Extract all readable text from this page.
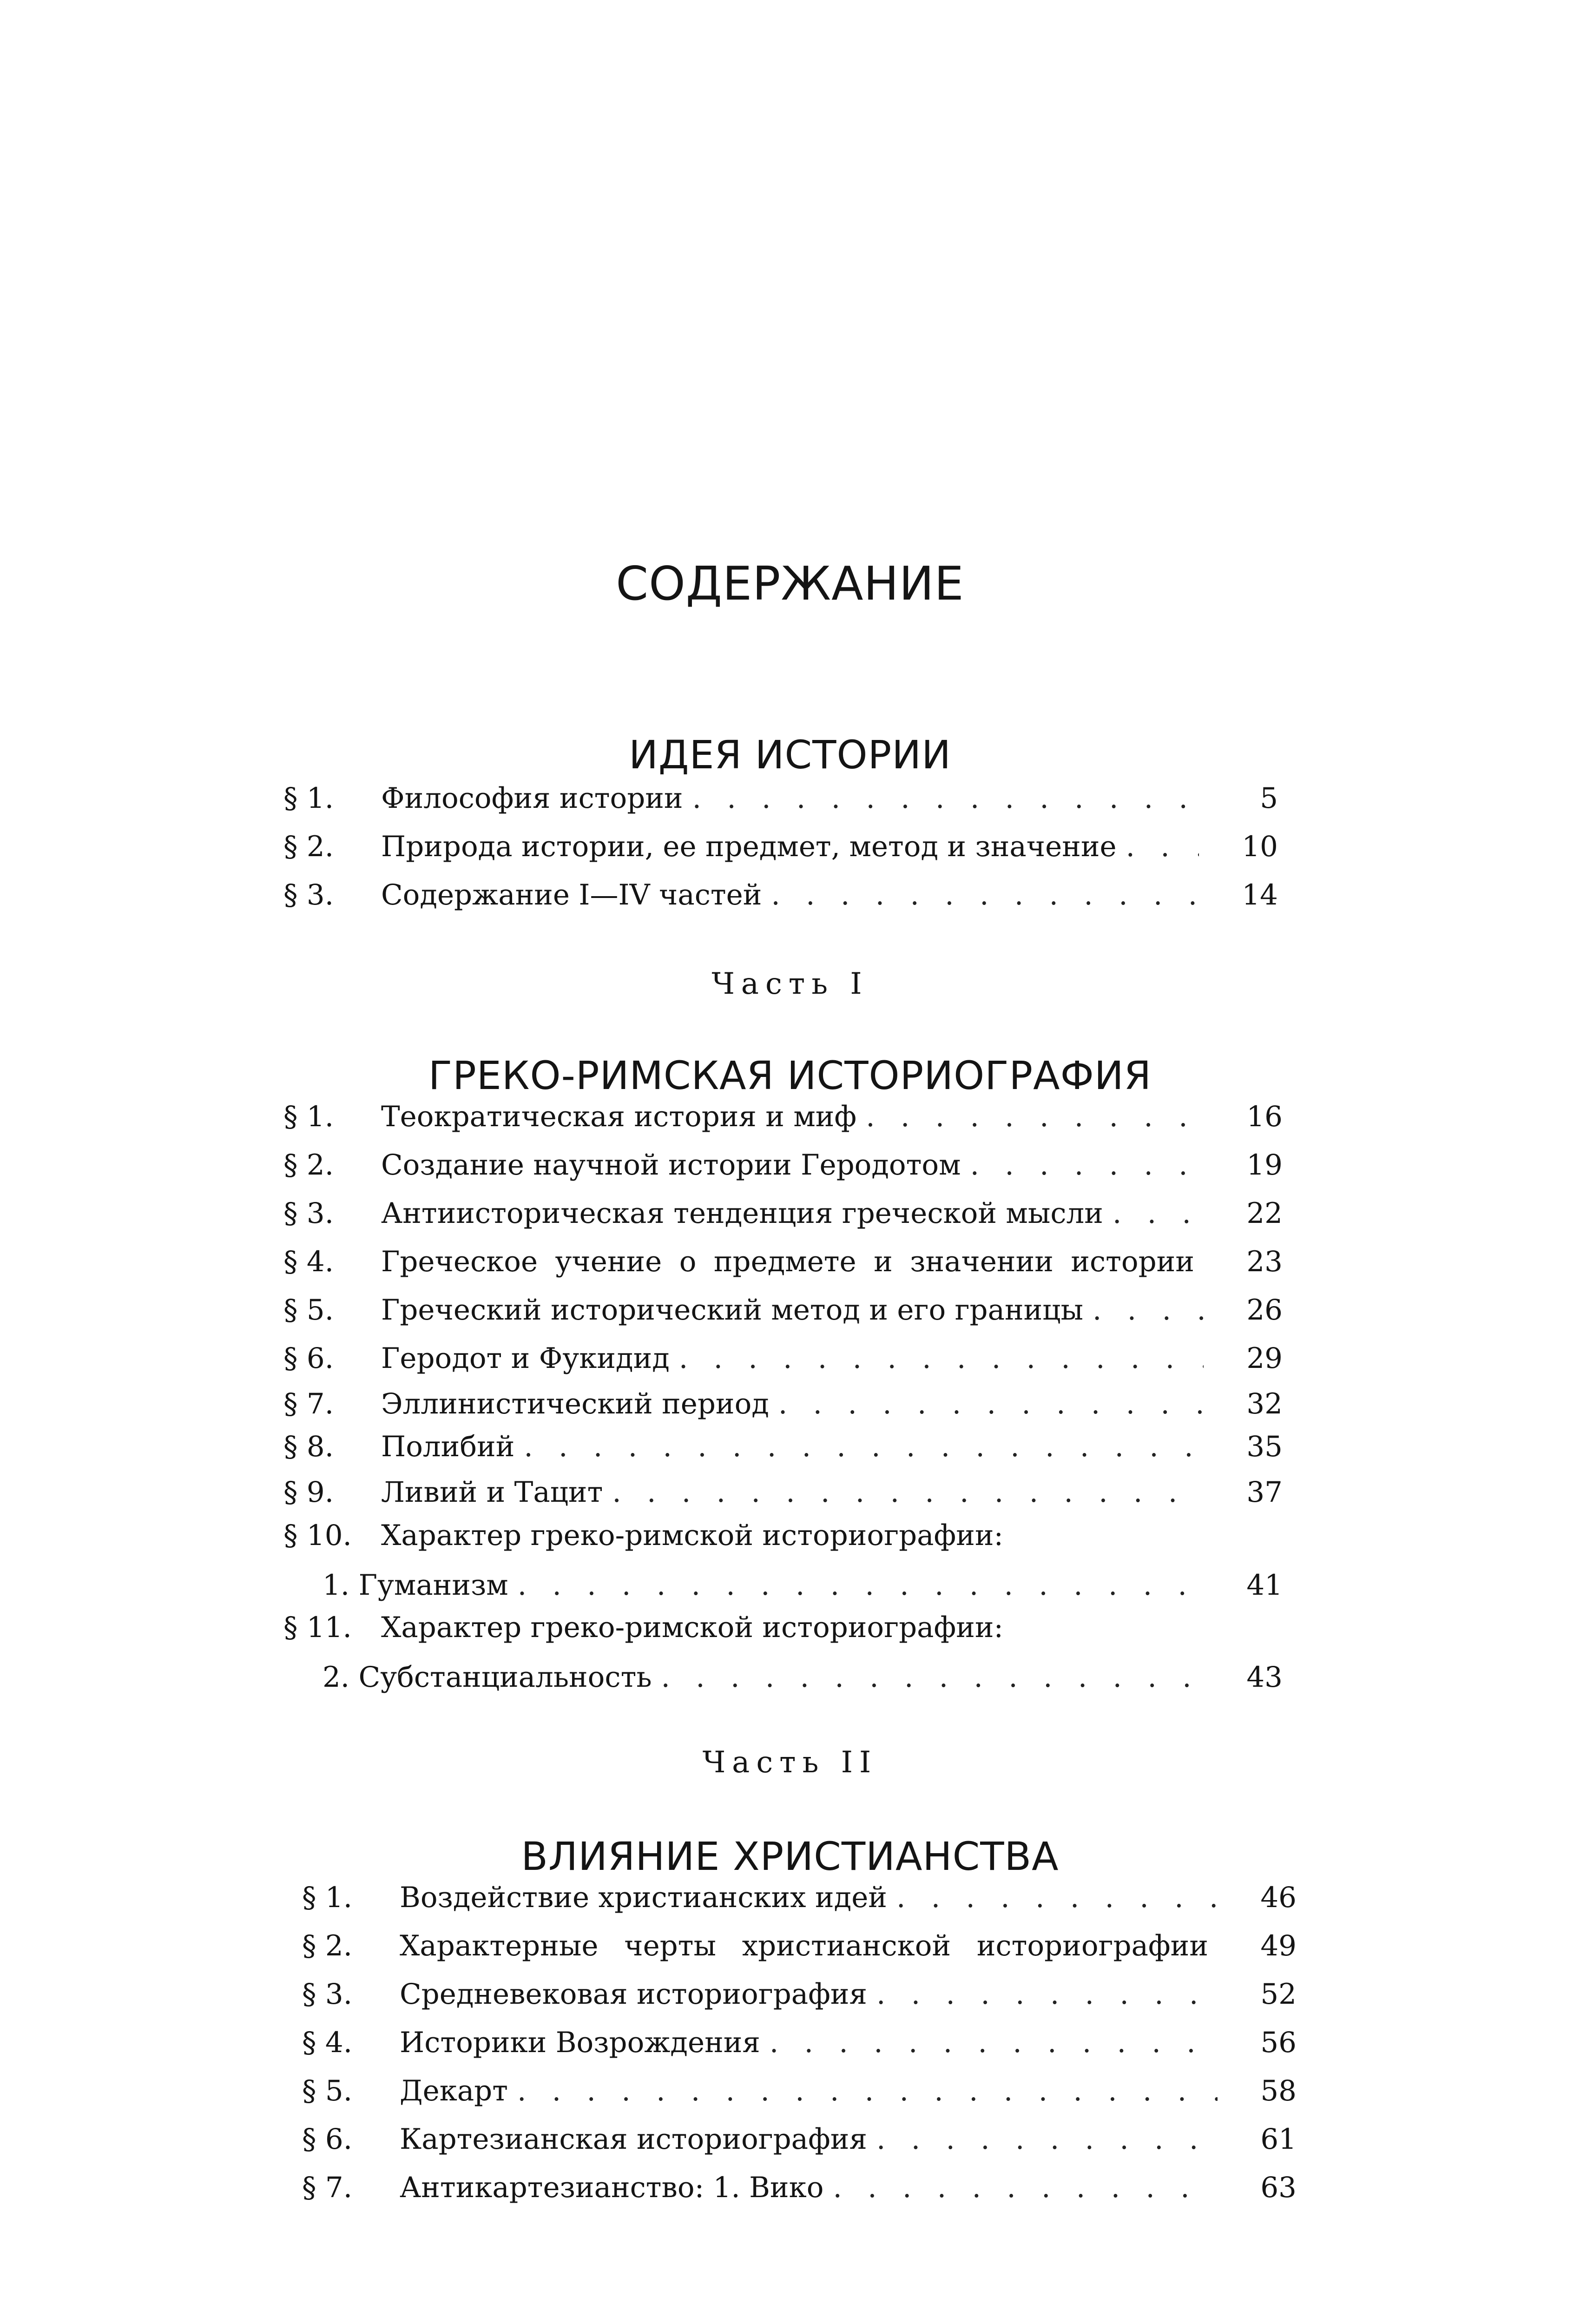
СОДЕРЖАНИЕ
ИДЕЯ ИСТОРИИ
§ 1.	Философия истории . . .	5
§ 2.	Природа истории, ее предмет, метод и значение . . .	10
§ 3.	Содержание I—IV частей . . .	14
Часть I
ГРЕКО-РИМСКАЯ ИСТОРИОГРАФИЯ
§ 1.	Теократическая история и миф . . .	16
§ 2.	Создание научной истории Геродотом . . .	19
§ 3.	Антиисторическая тенденция греческой мысли . . .	22
§ 4.	Греческое учение о предмете и значении истории	23
§ 5.	Греческий исторический метод и его границы . . .	26
§ 6.	Геродот и Фукидид . . .	29
§ 7.	Эллинистический период . . .	32
§ 8.	Полибий . . .	35
§ 9.	Ливий и Тацит . . .	37
§ 10. Характер греко-римской историографии:
1. Гуманизм . . .	41
§ 11. Характер греко-римской историографии:
2. Субстанциальность . . .	43
Часть II
ВЛИЯНИЕ ХРИСТИАНСТВА
§ 1.	Воздействие христианских идей . . .	46
§ 2.	Характерные черты христианской историографии	49
§ 3.	Средневековая историография . . .	52
§ 4.	Историки Возрождения . . .	56
§ 5.	Декарт . . .	58
§ 6.	Картезианская историография . . .	61
§ 7.	Антикартезианство: 1. Вико . . .	63
